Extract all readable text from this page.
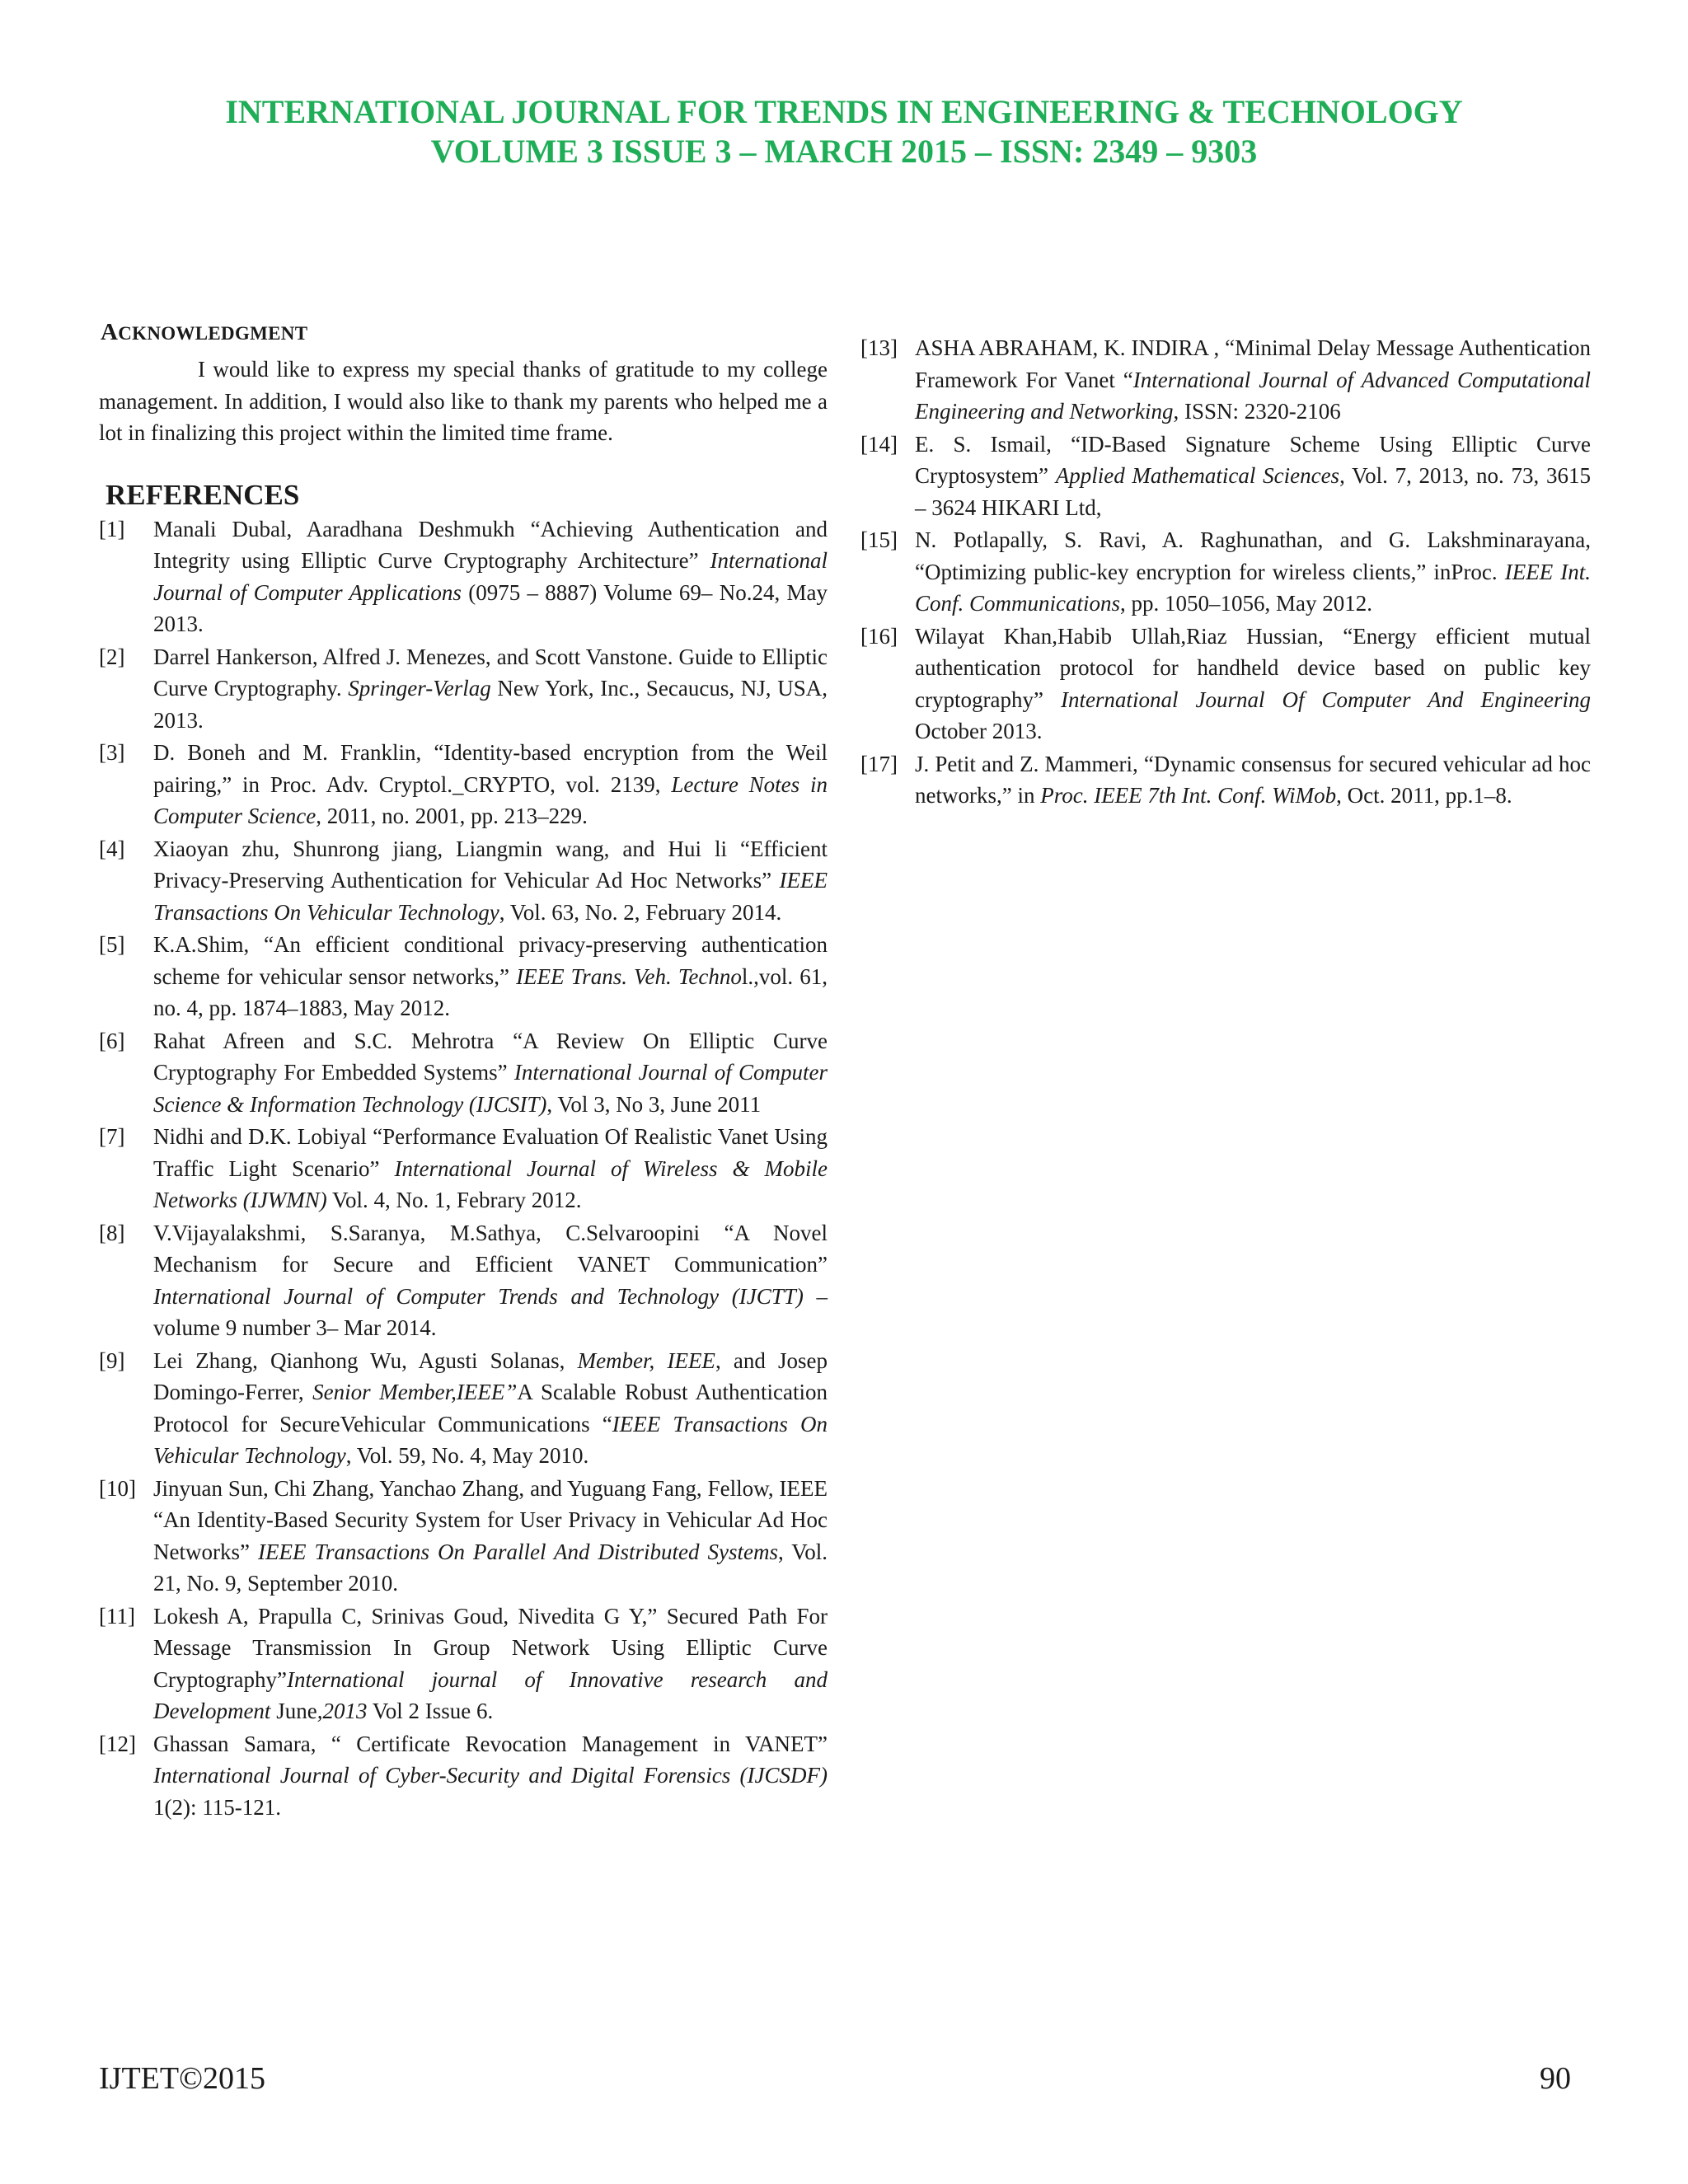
INTERNATIONAL JOURNAL FOR TRENDS IN ENGINEERING & TECHNOLOGY
VOLUME 3 ISSUE 3 – MARCH 2015 – ISSN: 2349 – 9303
ACKNOWLEDGMENT
I would like to express my special thanks of gratitude to my college management. In addition, I would also like to thank my parents who helped me a lot in finalizing this project within the limited time frame.
REFERENCES
[1] Manali Dubal, Aaradhana Deshmukh “Achieving Authentication and Integrity using Elliptic Curve Cryptography Architecture” International Journal of Computer Applications (0975 – 8887) Volume 69– No.24, May 2013.
[2] Darrel Hankerson, Alfred J. Menezes, and Scott Vanstone. Guide to Elliptic Curve Cryptography. Springer-Verlag New York, Inc., Secaucus, NJ, USA, 2013.
[3] D. Boneh and M. Franklin, “Identity-based encryption from the Weil pairing,” in Proc. Adv. Cryptol._CRYPTO, vol. 2139, Lecture Notes in Computer Science, 2011, no. 2001, pp. 213–229.
[4] Xiaoyan zhu, Shunrong jiang, Liangmin wang, and Hui li “Efficient Privacy-Preserving Authentication for Vehicular Ad Hoc Networks” IEEE Transactions On Vehicular Technology, Vol. 63, No. 2, February 2014.
[5] K.A.Shim, “An efficient conditional privacy-preserving authentication scheme for vehicular sensor networks,” IEEE Trans. Veh. Technol.,vol. 61, no. 4, pp. 1874–1883, May 2012.
[6] Rahat Afreen and S.C. Mehrotra “A Review On Elliptic Curve Cryptography For Embedded Systems” International Journal of Computer Science & Information Technology (IJCSIT), Vol 3, No 3, June 2011
[7] Nidhi and D.K. Lobiyal “Performance Evaluation Of Realistic Vanet Using Traffic Light Scenario” International Journal of Wireless & Mobile Networks (IJWMN) Vol. 4, No. 1, Febrary 2012.
[8] V.Vijayalakshmi, S.Saranya, M.Sathya, C.Selvaroopini “A Novel Mechanism for Secure and Efficient VANET Communication” International Journal of Computer Trends and Technology (IJCTT) – volume 9 number 3– Mar 2014.
[9] Lei Zhang, Qianhong Wu, Agusti Solanas, Member, IEEE, and Josep Domingo-Ferrer, Senior Member,IEEE”A Scalable Robust Authentication Protocol for SecureVehicular Communications “IEEE Transactions On Vehicular Technology, Vol. 59, No. 4, May 2010.
[10] Jinyuan Sun, Chi Zhang, Yanchao Zhang, and Yuguang Fang, Fellow, IEEE “An Identity-Based Security System for User Privacy in Vehicular Ad Hoc Networks” IEEE Transactions On Parallel And Distributed Systems, Vol. 21, No. 9, September 2010.
[11] Lokesh A, Prapulla C, Srinivas Goud, Nivedita G Y,” Secured Path For Message Transmission In Group Network Using Elliptic Curve Cryptography”International journal of Innovative research and Development June,2013 Vol 2 Issue 6.
[12] Ghassan Samara, “ Certificate Revocation Management in VANET” International Journal of Cyber-Security and Digital Forensics (IJCSDF) 1(2): 115-121.
[13] ASHA ABRAHAM, K. INDIRA , “Minimal Delay Message Authentication Framework For Vanet “International Journal of Advanced Computational Engineering and Networking, ISSN: 2320-2106
[14] E. S. Ismail, “ID-Based Signature Scheme Using Elliptic Curve Cryptosystem” Applied Mathematical Sciences, Vol. 7, 2013, no. 73, 3615 – 3624 HIKARI Ltd,
[15] N. Potlapally, S. Ravi, A. Raghunathan, and G. Lakshminarayana, “Optimizing public-key encryption for wireless clients,” inProc. IEEE Int. Conf. Communications, pp. 1050–1056, May 2012.
[16] Wilayat Khan,Habib Ullah,Riaz Hussian, “Energy efficient mutual authentication protocol for handheld device based on public key cryptography” International Journal Of Computer And Engineering October 2013.
[17] J. Petit and Z. Mammeri, “Dynamic consensus for secured vehicular ad hoc networks,” in Proc. IEEE 7th Int. Conf. WiMob, Oct. 2011, pp.1–8.
IJTET©2015	90
